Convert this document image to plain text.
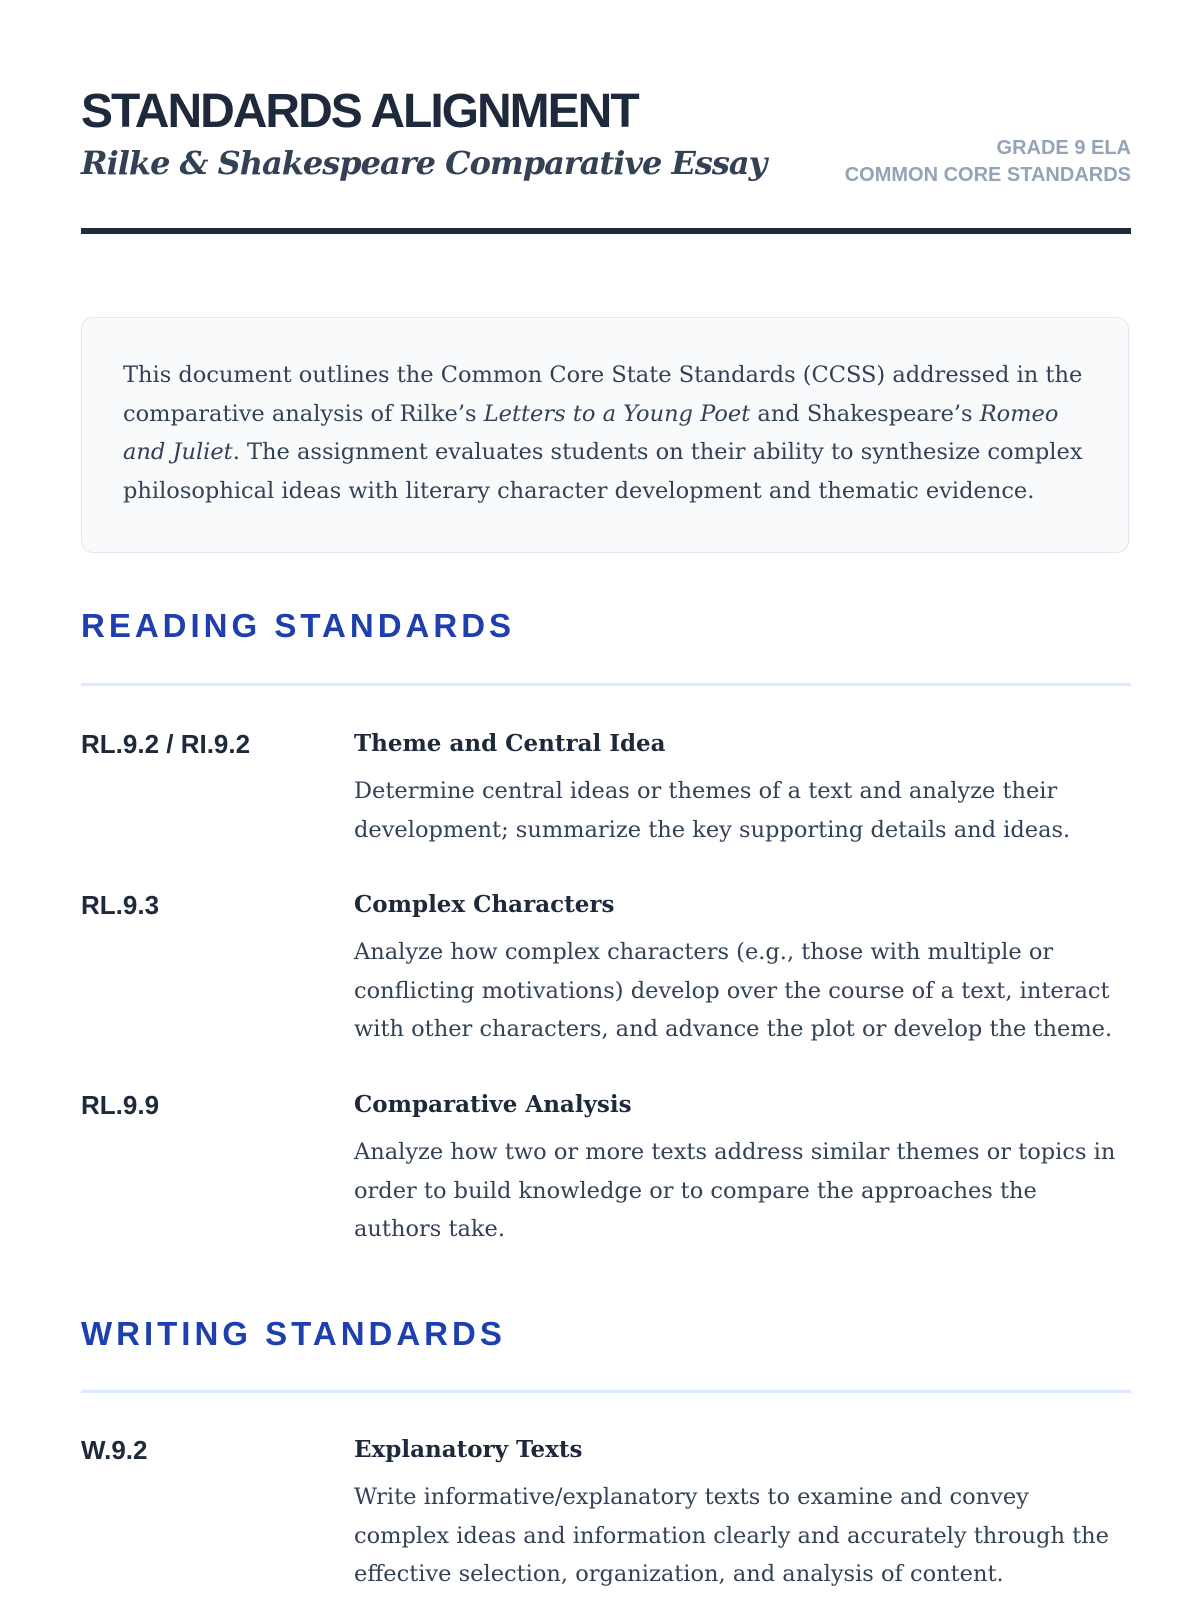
STANDARDS ALIGNMENT
Rilke & Shakespeare Comparative Essay	GRADE 9 ELA
COMMON CORE STANDARDS

This document outlines the Common Core State Standards (CCSS) addressed in the comparative analysis of Rilke’s Letters to a Young Poet and Shakespeare’s Romeo and Juliet. The assignment evaluates students on their ability to synthesize complex philosophical ideas with literary character development and thematic evidence.

READING STANDARDS
RL.9.2 / RI.9.2	Theme and Central Idea

Determine central ideas or themes of a text and analyze their development; summarize the key supporting details and ideas.

RL.9.3	Complex Characters

Analyze how complex characters (e.g., those with multiple or conflicting motivations) develop over the course of a text, interact with other characters, and advance the plot or develop the theme.

RL.9.9	Comparative Analysis

Analyze how two or more texts address similar themes or topics in order to build knowledge or to compare the approaches the authors take.

WRITING STANDARDS
W.9.2	Explanatory Texts

Write informative/explanatory texts to examine and convey complex ideas and information clearly and accurately through the effective selection, organization, and analysis of content.
